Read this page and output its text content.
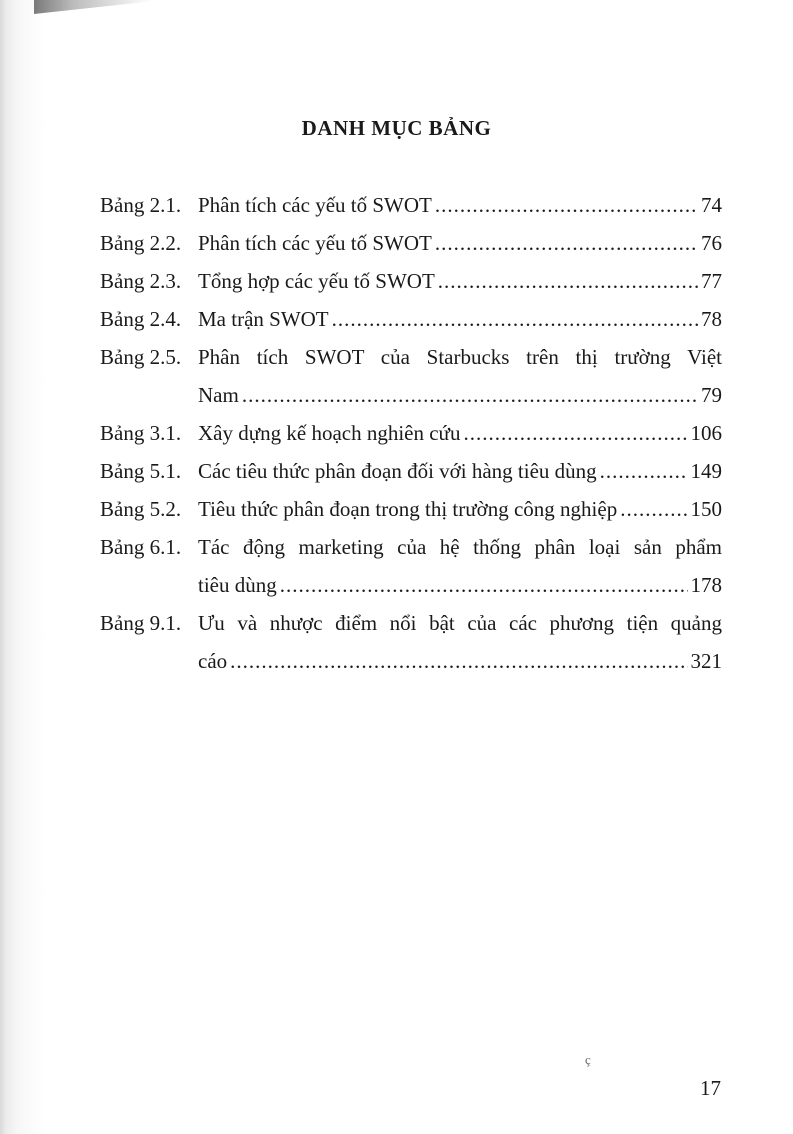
DANH MỤC BẢNG
Bảng 2.1. Phân tích các yếu tố SWOT .....	74
Bảng 2.2. Phân tích các yếu tố SWOT .....	76
Bảng 2.3. Tổng hợp các yếu tố SWOT .....	77
Bảng 2.4. Ma trận SWOT .....	78
Bảng 2.5. Phân tích SWOT của Starbucks trên thị trường Việt
Nam .....	79
Bảng 3.1. Xây dựng kế hoạch nghiên cứu .....	106
Bảng 5.1. Các tiêu thức phân đoạn đối với hàng tiêu dùng .....	149
Bảng 5.2. Tiêu thức phân đoạn trong thị trường công nghiệp .....	150
Bảng 6.1. Tác động marketing của hệ thống phân loại sản phẩm
tiêu dùng .....	178
Bảng 9.1. Ưu và nhược điểm nổi bật của các phương tiện quảng
cáo .....	321
ç
17
